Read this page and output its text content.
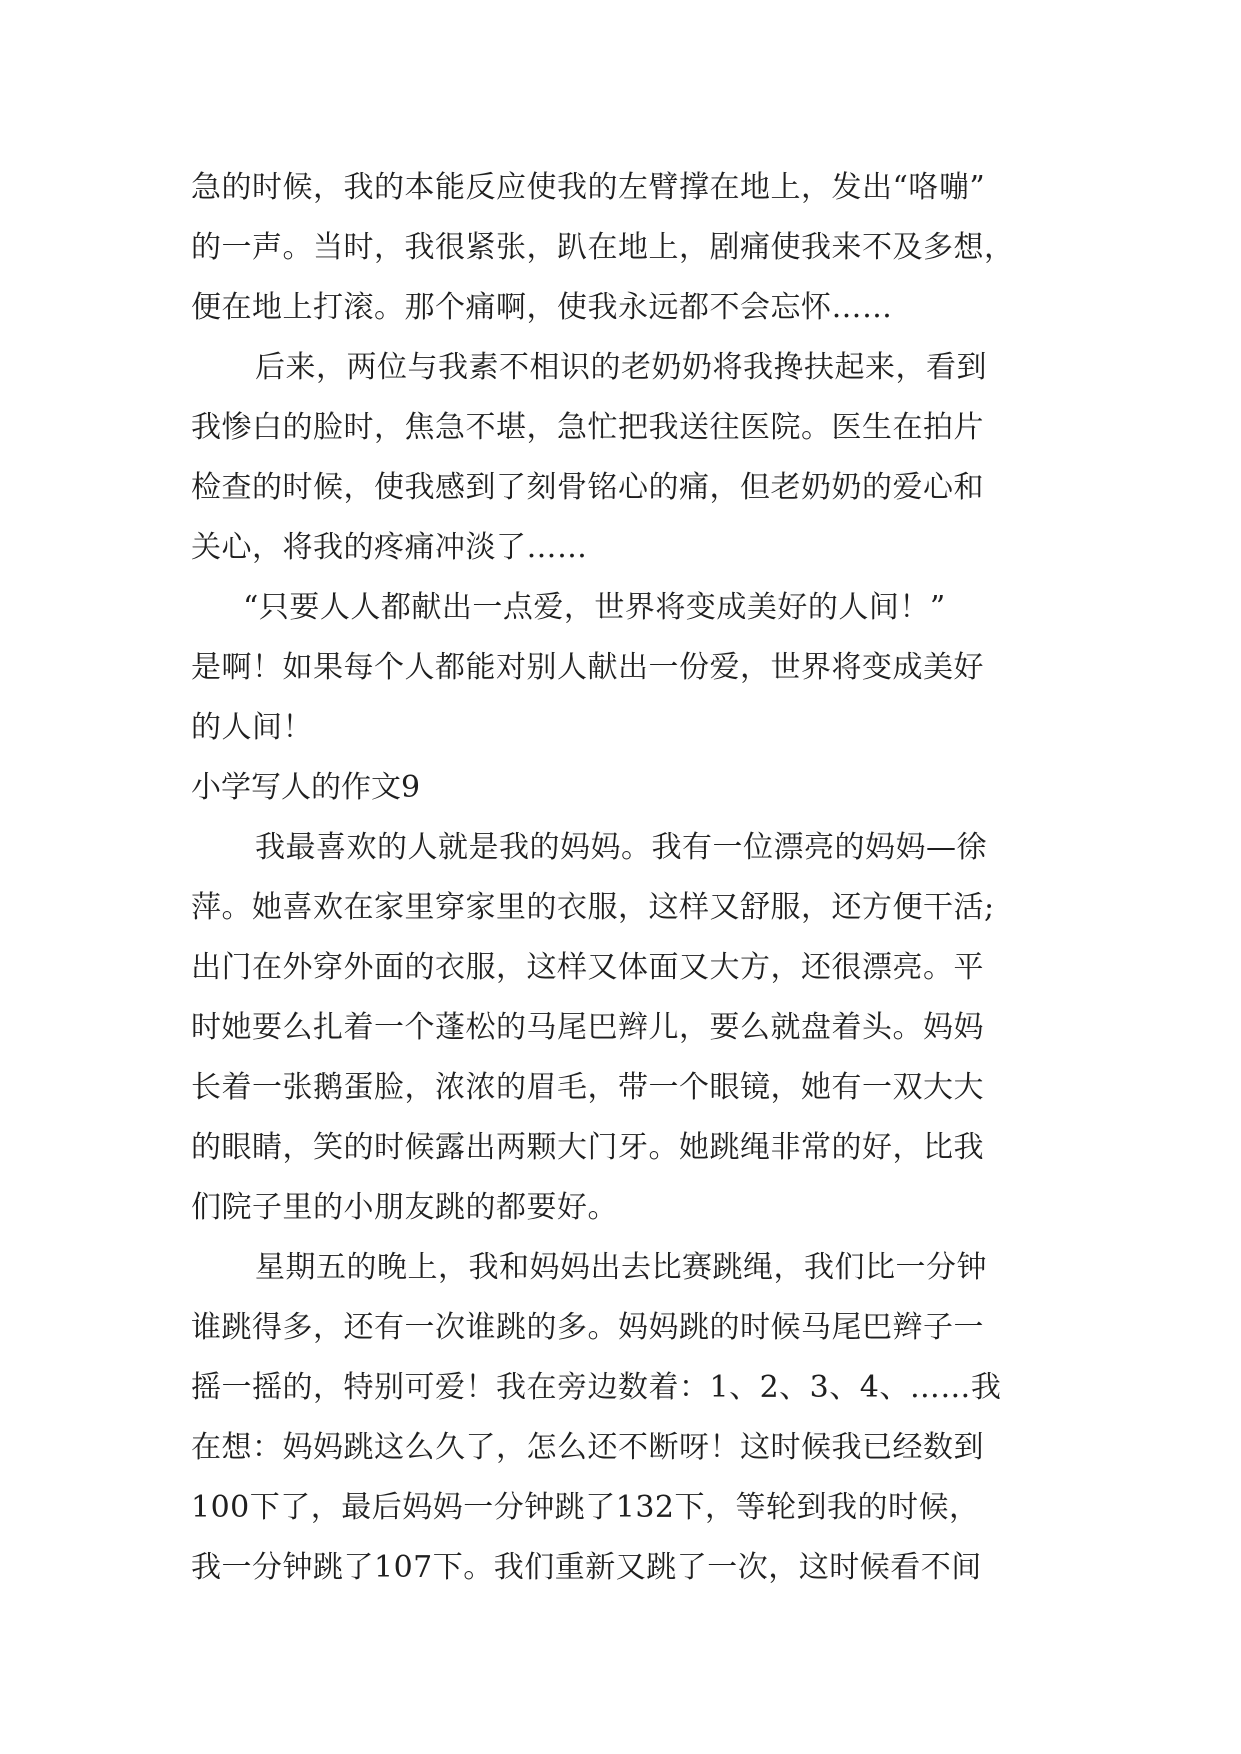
急的时候，我的本能反应使我的左臂撑在地上，发出“咯嘣”
的一声。当时，我很紧张，趴在地上，剧痛使我来不及多想，
便在地上打滚。那个痛啊，使我永远都不会忘怀……
后来，两位与我素不相识的老奶奶将我搀扶起来，看到
我惨白的脸时，焦急不堪，急忙把我送往医院。医生在拍片
检查的时候，使我感到了刻骨铭心的痛，但老奶奶的爱心和
关心，将我的疼痛冲淡了……
“只要人人都献出一点爱，世界将变成美好的人间！”
是啊！如果每个人都能对别人献出一份爱，世界将变成美好
的人间！
小学写人的作文9
我最喜欢的人就是我的妈妈。我有一位漂亮的妈妈—徐
萍。她喜欢在家里穿家里的衣服，这样又舒服，还方便干活;
出门在外穿外面的衣服，这样又体面又大方，还很漂亮。平
时她要么扎着一个蓬松的马尾巴辫儿，要么就盘着头。妈妈
长着一张鹅蛋脸，浓浓的眉毛，带一个眼镜，她有一双大大
的眼睛，笑的时候露出两颗大门牙。她跳绳非常的好，比我
们院子里的小朋友跳的都要好。
星期五的晚上，我和妈妈出去比赛跳绳，我们比一分钟
谁跳得多，还有一次谁跳的多。妈妈跳的时候马尾巴辫子一
摇一摇的，特别可爱！我在旁边数着：1、2、3、4、……我
在想：妈妈跳这么久了，怎么还不断呀！这时候我已经数到
100下了，最后妈妈一分钟跳了132下，等轮到我的时候，
我一分钟跳了107下。我们重新又跳了一次，这时候看不间
